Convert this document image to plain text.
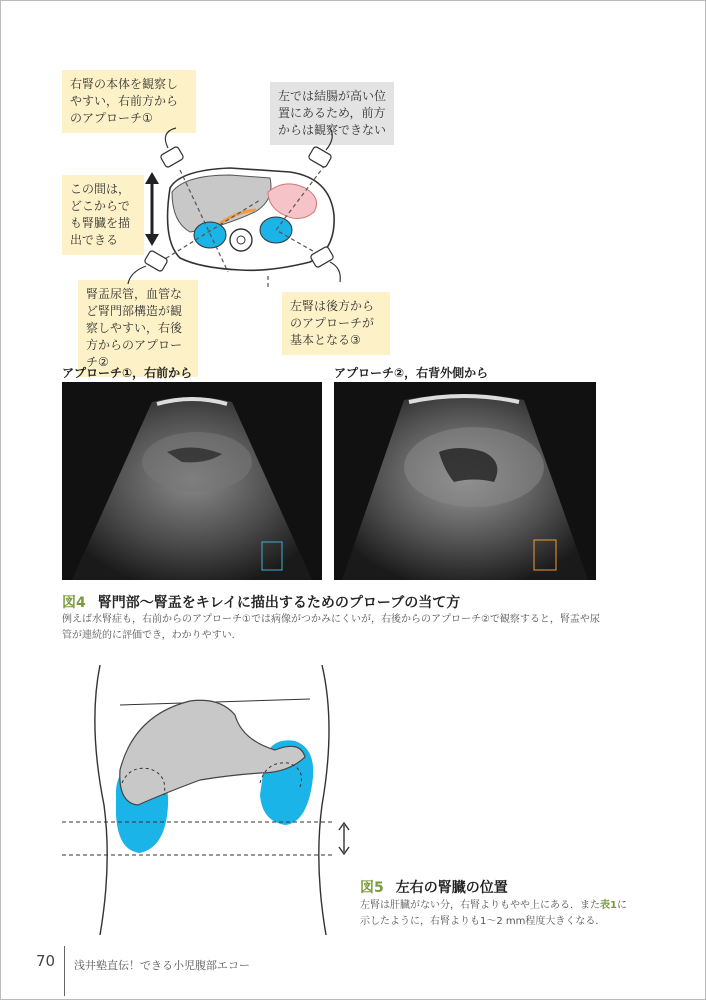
右腎の本体を観察しやすい，右前方からのアプローチ①
左では結腸が高い位置にあるため，前方からは観察できない
この間は，どこからでも腎臓を描出できる
腎盂尿管，血管など腎門部構造が観察しやすい，右後方からのアプローチ②
左腎は後方からのアプローチが基本となる③
アプローチ①，右前から	アプローチ②，右背外側から
図4 腎門部〜腎盂をキレイに描出するためのプローブの当て方
例えば水腎症も，右前からのアプローチ①では病像がつかみにくいが，右後からのアプローチ②で観察すると，腎盂や尿管が連続的に評価でき，わかりやすい．
図5 左右の腎臓の位置
左腎は肝臓がない分，右腎よりもやや上にある．また表1に示したように，右腎よりも1〜2 mm程度大きくなる．
70 浅井塾直伝！できる小児腹部エコー
